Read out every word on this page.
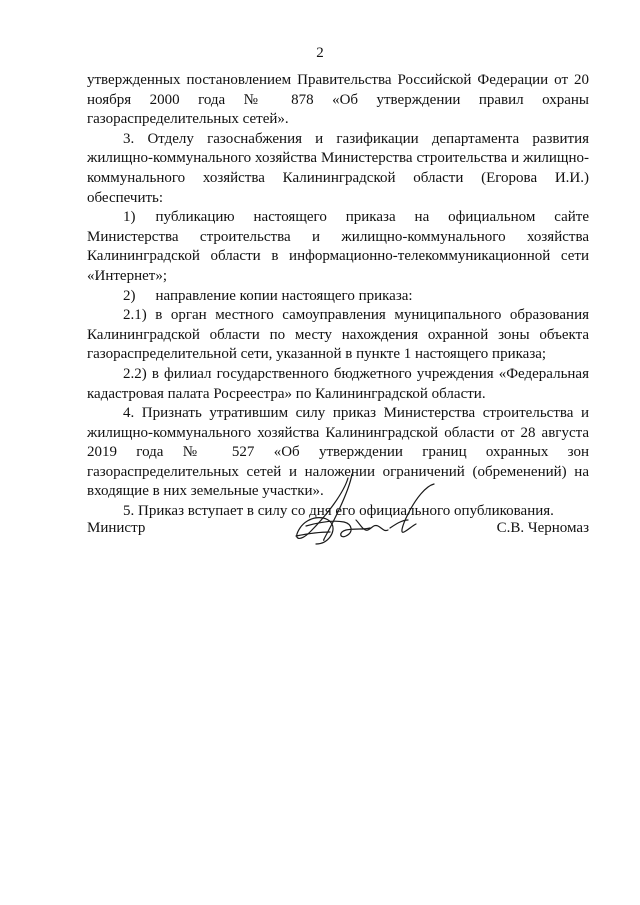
2

утвержденных постановлением Правительства Российской Федерации от 20 ноября 2000 года № 878 «Об утверждении правил охраны газораспределительных сетей».

3. Отделу газоснабжения и газификации департамента развития жилищно-коммунального хозяйства Министерства строительства и жилищно-коммунального хозяйства Калининградской области (Егорова И.И.) обеспечить:

1) публикацию настоящего приказа на официальном сайте Министерства строительства и жилищно-коммунального хозяйства Калининградской области в информационно-телекоммуникационной сети «Интернет»;

2) направление копии настоящего приказа:

2.1) в орган местного самоуправления муниципального образования Калининградской области по месту нахождения охранной зоны объекта газораспределительной сети, указанной в пункте 1 настоящего приказа;

2.2) в филиал государственного бюджетного учреждения «Федеральная кадастровая палата Росреестра» по Калининградской области.

4. Признать утратившим силу приказ Министерства строительства и жилищно-коммунального хозяйства Калининградской области от 28 августа 2019 года № 527 «Об утверждении границ охранных зон газораспределительных сетей и наложении ограничений (обременений) на входящие в них земельные участки».

5. Приказ вступает в силу со дня его официального опубликования.

Министр	С.В. Черномаз
